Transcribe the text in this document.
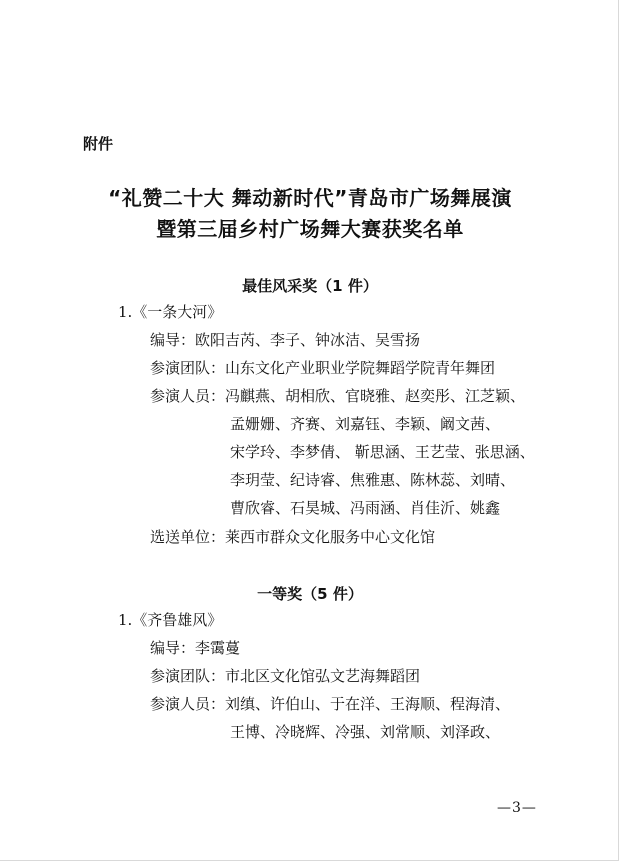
附件
“礼赞二十大 舞动新时代”青岛市广场舞展演
暨第三届乡村广场舞大赛获奖名单
最佳风采奖（1 件）
1.《一条大河》
编导：欧阳吉芮、李子、钟冰洁、吴雪扬
参演团队：山东文化产业职业学院舞蹈学院青年舞团
参演人员：冯麒燕、胡相欣、官晓雅、赵奕彤、江芝颖、
孟姗姗、齐赛、刘嘉钰、李颖、阚文茜、
宋学玲、李梦倩、 靳思涵、王艺莹、张思涵、
李玥莹、纪诗睿、焦雅惠、陈林蕊、刘晴、
曹欣睿、石昊城、冯雨涵、肖佳沂、姚鑫
选送单位：莱西市群众文化服务中心文化馆
一等奖（5 件）
1.《齐鲁雄风》
编导：李霭蔓
参演团队：市北区文化馆弘文艺海舞蹈团
参演人员：刘缜、许伯山、于在洋、王海顺、程海清、
王博、冷晓辉、冷强、刘常顺、刘泽政、
—3—
